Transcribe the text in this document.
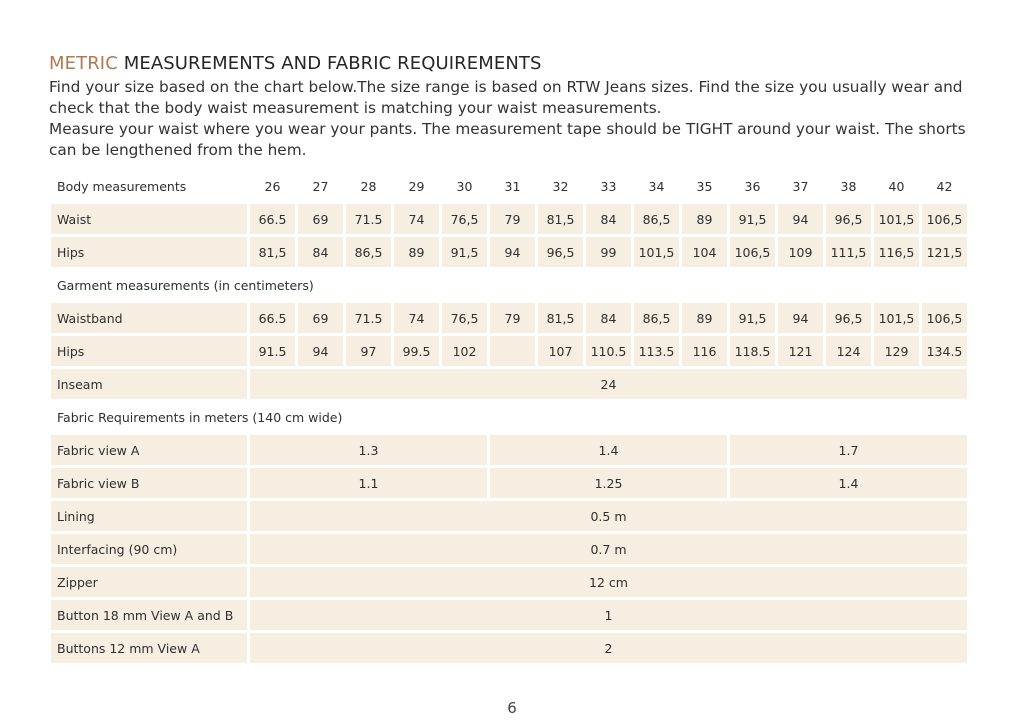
METRIC MEASUREMENTS AND FABRIC REQUIREMENTS

Find your size based on the chart below.The size range is based on RTW Jeans sizes. Find the size you usually wear and check that the body waist measurement is matching your waist measurements.

Measure your waist where you wear your pants. The measurement tape should be TIGHT around your waist. The shorts can be lengthened from the hem.

Body measurements	26	27	28	29	30	31	32	33	34	35	36	37	38	40	42
Waist	66.5	69	71.5	74	76,5	79	81,5	84	86,5	89	91,5	94	96,5	101,5	106,5
Hips	81,5	84	86,5	89	91,5	94	96,5	99	101,5	104	106,5	109	111,5	116,5	121,5
Garment measurements (in centimeters)															
Waistband	66.5	69	71.5	74	76,5	79	81,5	84	86,5	89	91,5	94	96,5	101,5	106,5
Hips	91.5	94	97	99.5	102		107	110.5	113.5	116	118.5	121	124	129	134.5
Inseam	24														
Fabric Requirements in meters (140 cm wide)															
Fabric view A	1.3					1.4					1.7				
Fabric view B	1.1					1.25					1.4				
Lining	0.5 m														
Interfacing (90 cm)	0.7 m														
Zipper	12 cm														
Button 18 mm View A and B	1														
Buttons 12 mm View A	2														
6
